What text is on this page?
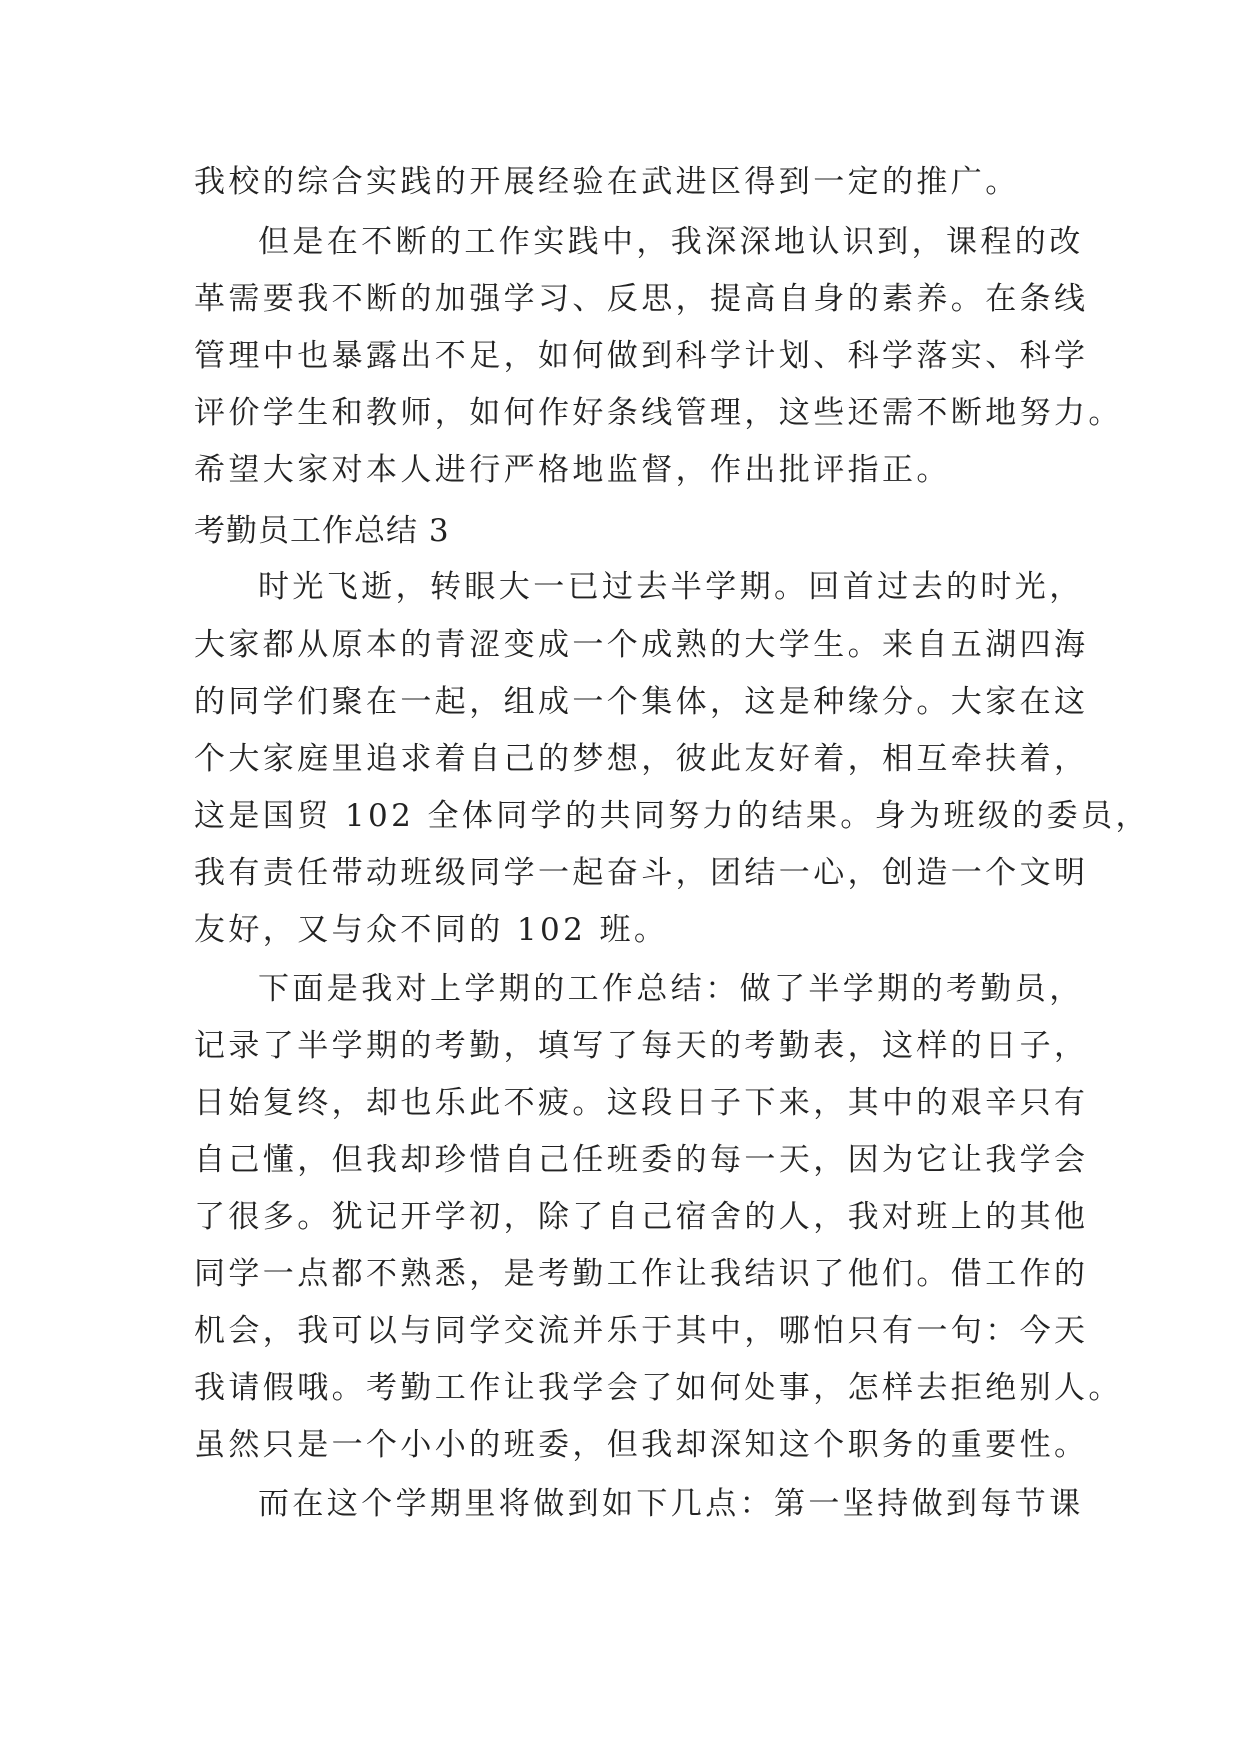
我校的综合实践的开展经验在武进区得到一定的推广。
但是在不断的工作实践中，我深深地认识到，课程的改
革需要我不断的加强学习、反思，提高自身的素养。在条线
管理中也暴露出不足，如何做到科学计划、科学落实、科学
评价学生和教师，如何作好条线管理，这些还需不断地努力。
希望大家对本人进行严格地监督，作出批评指正。
考勤员工作总结 3
时光飞逝，转眼大一已过去半学期。回首过去的时光，
大家都从原本的青涩变成一个成熟的大学生。来自五湖四海
的同学们聚在一起，组成一个集体，这是种缘分。大家在这
个大家庭里追求着自己的梦想，彼此友好着，相互牵扶着，
这是国贸 102 全体同学的共同努力的结果。身为班级的委员，
我有责任带动班级同学一起奋斗，团结一心，创造一个文明
友好，又与众不同的 102 班。
下面是我对上学期的工作总结：做了半学期的考勤员，
记录了半学期的考勤，填写了每天的考勤表，这样的日子，
日始复终，却也乐此不疲。这段日子下来，其中的艰辛只有
自己懂，但我却珍惜自己任班委的每一天，因为它让我学会
了很多。犹记开学初，除了自己宿舍的人，我对班上的其他
同学一点都不熟悉，是考勤工作让我结识了他们。借工作的
机会，我可以与同学交流并乐于其中，哪怕只有一句：今天
我请假哦。考勤工作让我学会了如何处事，怎样去拒绝别人。
虽然只是一个小小的班委，但我却深知这个职务的重要性。
而在这个学期里将做到如下几点：第一坚持做到每节课
